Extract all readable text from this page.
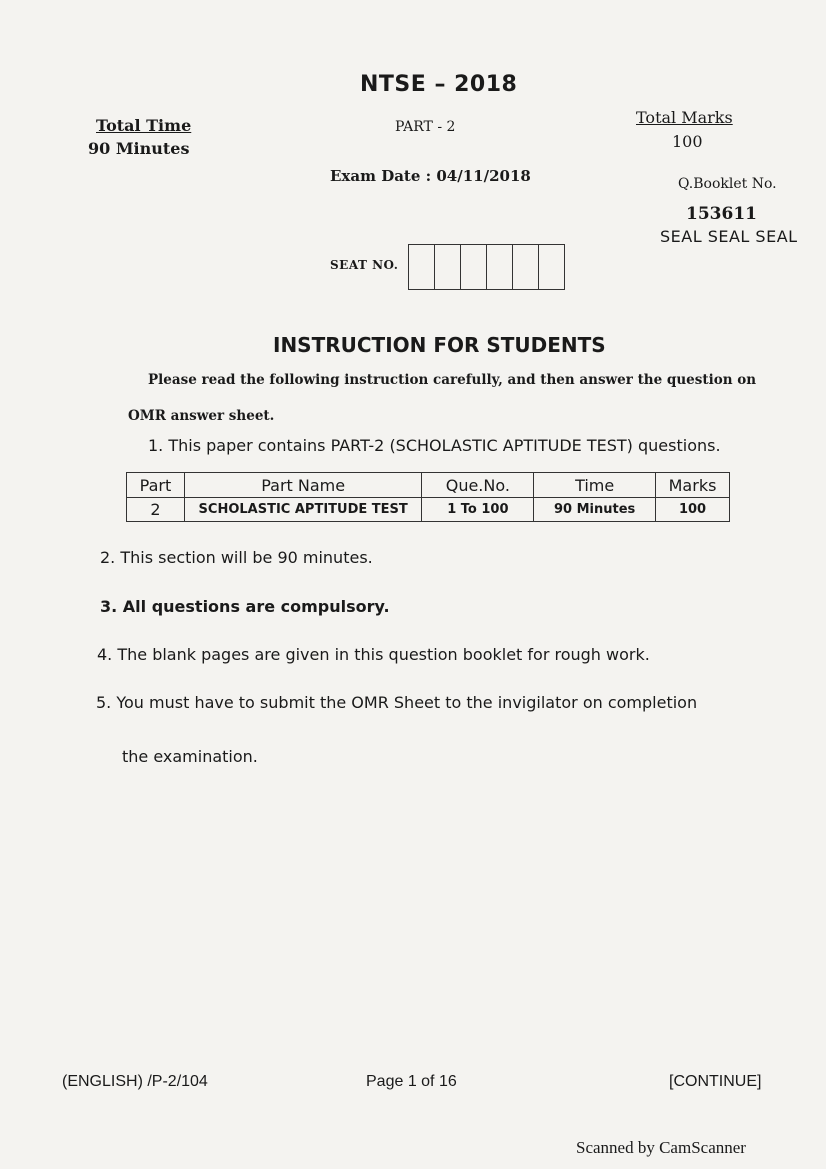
NTSE – 2018
Total Time
90 Minutes
PART - 2	Total Marks
100
Exam Date : 04/11/2018	Q.Booklet No.
153611
SEAL SEAL SEAL
SEAT NO.
INSTRUCTION FOR STUDENTS
Please read the following instruction carefully, and then answer the question on
OMR answer sheet.
1. This paper contains PART-2 (SCHOLASTIC APTITUDE TEST) questions.
Part	Part Name	Que.No.	Time	Marks
2	SCHOLASTIC APTITUDE TEST	1 To 100	90 Minutes	100
2. This section will be 90 minutes.
3. All questions are compulsory.
4. The blank pages are given in this question booklet for rough work.
5. You must have to submit the OMR Sheet to the invigilator on completion
the examination.
(ENGLISH) /P-2/104	Page 1 of 16	[CONTINUE]
Scanned by CamScanner
